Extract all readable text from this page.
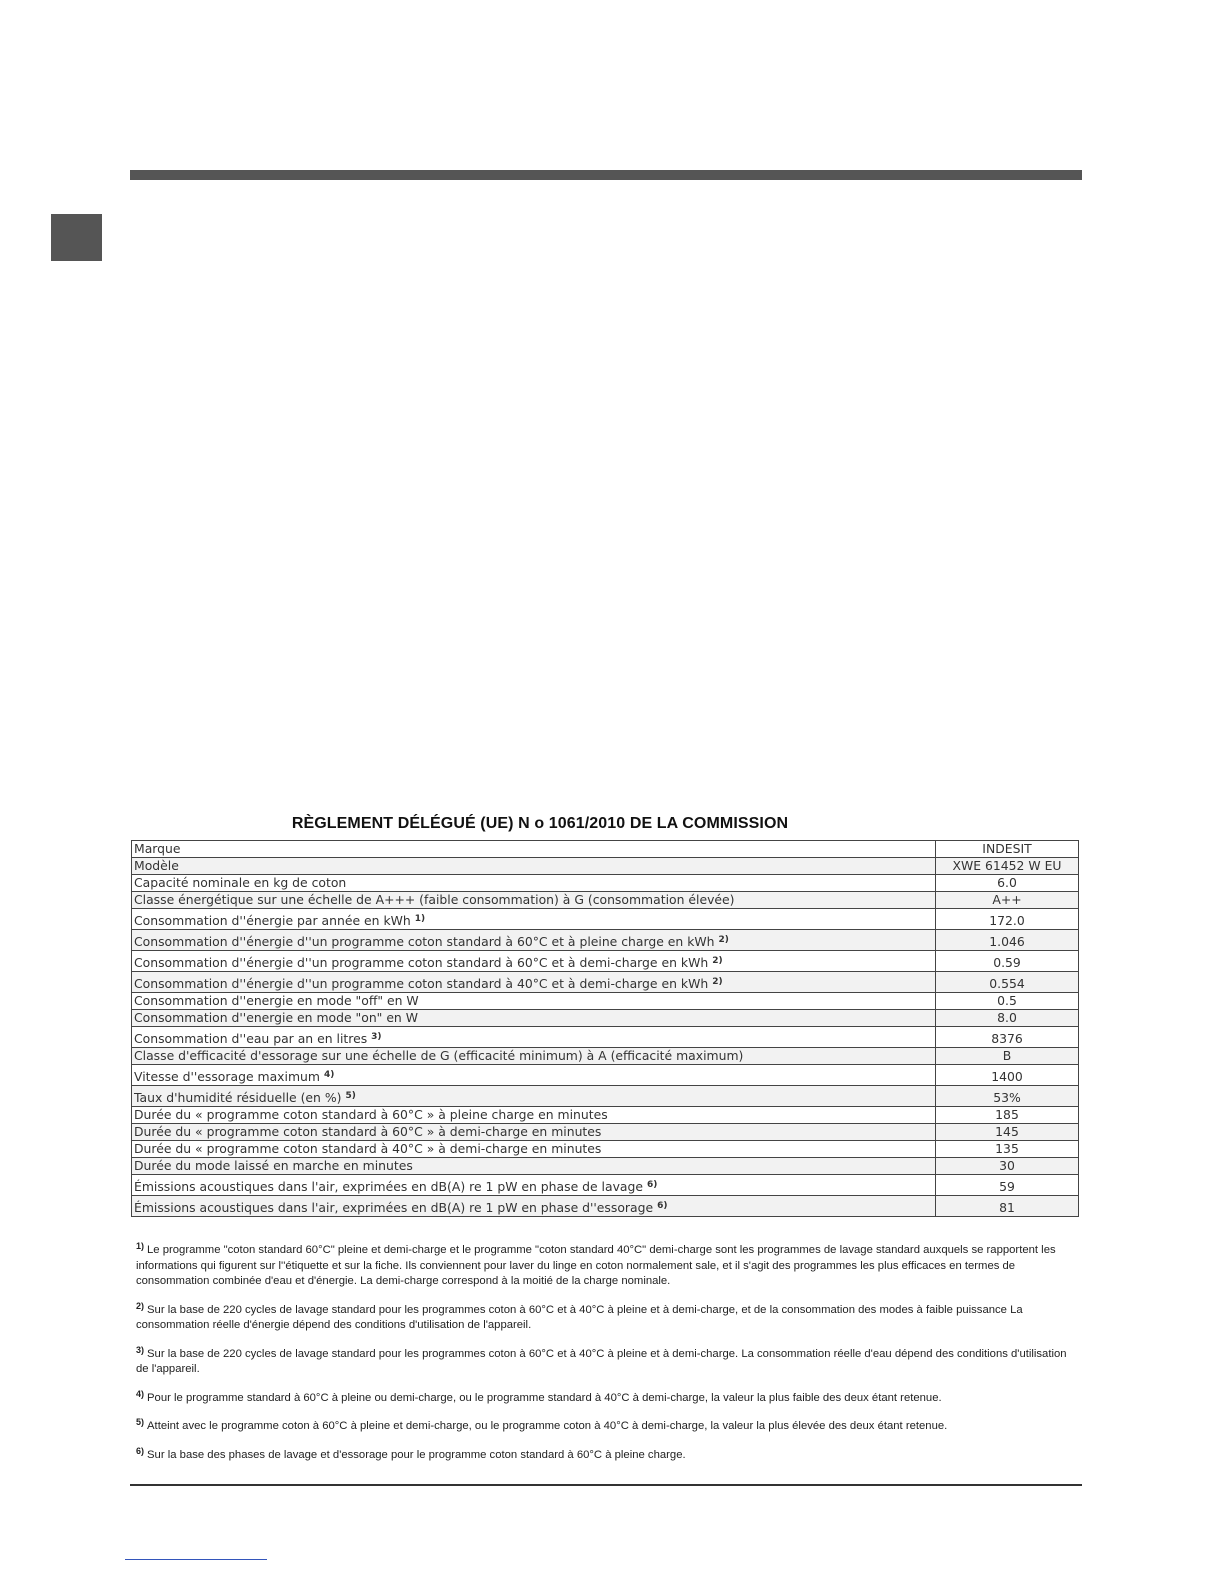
RÈGLEMENT DÉLÉGUÉ (UE) N o 1061/2010 DE LA COMMISSION
Marque	INDESIT
Modèle	XWE 61452 W EU
Capacité nominale en kg de coton	6.0
Classe énergétique sur une échelle de A+++ (faible consommation) à G (consommation élevée)	A++
Consommation d''énergie par année en kWh $^{1)}$	172.0
Consommation d''énergie d''un programme coton standard à 60°C et à pleine charge en kWh $^{2)}$	1.046
Consommation d''énergie d''un programme coton standard à 60°C et à demi-charge en kWh $^{2)}$	0.59
Consommation d''énergie d''un programme coton standard à 40°C et à demi-charge en kWh $^{2)}$	0.554
Consommation d''energie en mode "off" en W	0.5
Consommation d''energie en mode "on" en W	8.0
Consommation d''eau par an en litres $^{3)}$	8376
Classe d'efficacité d'essorage sur une échelle de G (efficacité minimum) à A (efficacité maximum)	B
Vitesse d''essorage maximum $^{4)}$	1400
Taux d'humidité résiduelle (en %) $^{5)}$	53%
Durée du « programme coton standard à 60°C » à pleine charge en minutes	185
Durée du « programme coton standard à 60°C » à demi-charge en minutes	145
Durée du « programme coton standard à 40°C » à demi-charge en minutes	135
Durée du mode laissé en marche en minutes	30
Émissions acoustiques dans l'air, exprimées en dB(A) re 1 pW en phase de lavage $^{6)}$	59
Émissions acoustiques dans l'air, exprimées en dB(A) re 1 pW en phase d''essorage $^{6)}$	81
$^{1)}$ Le programme "coton standard 60°C" pleine et demi-charge et le programme "coton standard 40°C" demi-charge sont les programmes de lavage standard auxquels se rapportent les informations qui figurent sur l''étiquette et sur la fiche. Ils conviennent pour laver du linge en coton normalement sale, et il s'agit des programmes les plus efficaces en termes de consommation combinée d'eau et d'énergie. La demi-charge correspond à la moitié de la charge nominale.
$^{2)}$ Sur la base de 220 cycles de lavage standard pour les programmes coton à 60°C et à 40°C à pleine et à demi-charge, et de la consommation des modes à faible puissance La consommation réelle d'énergie dépend des conditions d'utilisation de l'appareil.
$^{3)}$ Sur la base de 220 cycles de lavage standard pour les programmes coton à 60°C et à 40°C à pleine et à demi-charge. La consommation réelle d'eau dépend des conditions d'utilisation de l'appareil.
$^{4)}$ Pour le programme standard à 60°C à pleine ou demi-charge, ou le programme standard à 40°C à demi-charge, la valeur la plus faible des deux étant retenue.
$^{5)}$ Atteint avec le programme coton à 60°C à pleine et demi-charge, ou le programme coton à 40°C à demi-charge, la valeur la plus élevée des deux étant retenue.
$^{6)}$ Sur la base des phases de lavage et d'essorage pour le programme coton standard à 60°C à pleine charge.
